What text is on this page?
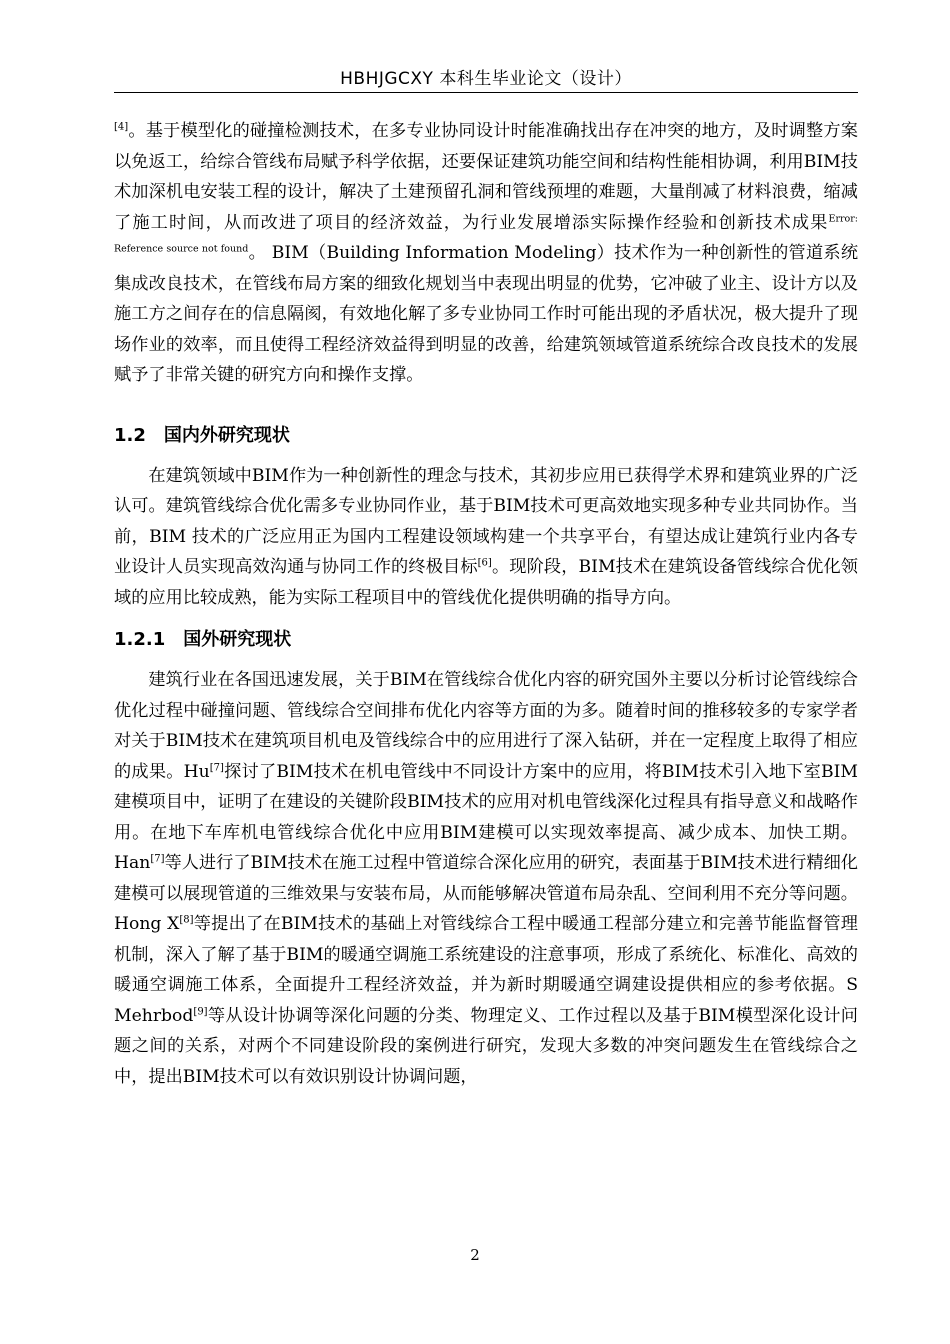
HBHJGCXY 本科生毕业论文（设计）

[4]。基于模型化的碰撞检测技术，在多专业协同设计时能准确找出存在冲突的地方，及时调整方案以免返工，给综合管线布局赋予科学依据，还要保证建筑功能空间和结构性能相协调，利用BIM技术加深机电安装工程的设计，解决了土建预留孔洞和管线预埋的难题，大量削减了材料浪费，缩减了施工时间，从而改进了项目的经济效益，为行业发展增添实际操作经验和创新技术成果$^{Error: Reference source not found}$。 BIM（Building Information Modeling）技术作为一种创新性的管道系统集成改良技术，在管线布局方案的细致化规划当中表现出明显的优势，它冲破了业主、设计方以及施工方之间存在的信息隔阂，有效地化解了多专业协同工作时可能出现的矛盾状况，极大提升了现场作业的效率，而且使得工程经济效益得到明显的改善，给建筑领域管道系统综合改良技术的发展赋予了非常关键的研究方向和操作支撑。

1.2 国内外研究现状

在建筑领域中BIM作为一种创新性的理念与技术，其初步应用已获得学术界和建筑业界的广泛认可。建筑管线综合优化需多专业协同作业，基于BIM技术可更高效地实现多种专业共同协作。当前，BIM 技术的广泛应用正为国内工程建设领域构建一个共享平台，有望达成让建筑行业内各专业设计人员实现高效沟通与协同工作的终极目标[6]。现阶段，BIM技术在建筑设备管线综合优化领域的应用比较成熟，能为实际工程项目中的管线优化提供明确的指导方向。

1.2.1 国外研究现状

建筑行业在各国迅速发展，关于BIM在管线综合优化内容的研究国外主要以分析讨论管线综合优化过程中碰撞问题、管线综合空间排布优化内容等方面的为多。随着时间的推移较多的专家学者对关于BIM技术在建筑项目机电及管线综合中的应用进行了深入钻研，并在一定程度上取得了相应的成果。Hu[7]探讨了BIM技术在机电管线中不同设计方案中的应用，将BIM技术引入地下室BIM建模项目中，证明了在建设的关键阶段BIM技术的应用对机电管线深化过程具有指导意义和战略作用。在地下车库机电管线综合优化中应用BIM建模可以实现效率提高、减少成本、加快工期。Han[7]等人进行了BIM技术在施工过程中管道综合深化应用的研究，表面基于BIM技术进行精细化建模可以展现管道的三维效果与安装布局，从而能够解决管道布局杂乱、空间利用不充分等问题。Hong X[8]等提出了在BIM技术的基础上对管线综合工程中暖通工程部分建立和完善节能监督管理机制，深入了解了基于BIM的暖通空调施工系统建设的注意事项，形成了系统化、标准化、高效的暖通空调施工体系，全面提升工程经济效益，并为新时期暖通空调建设提供相应的参考依据。S Mehrbod[9]等从设计协调等深化问题的分类、物理定义、工作过程以及基于BIM模型深化设计问题之间的关系，对两个不同建设阶段的案例进行研究，发现大多数的冲突问题发生在管线综合之中，提出BIM技术可以有效识别设计协调问题，

2
